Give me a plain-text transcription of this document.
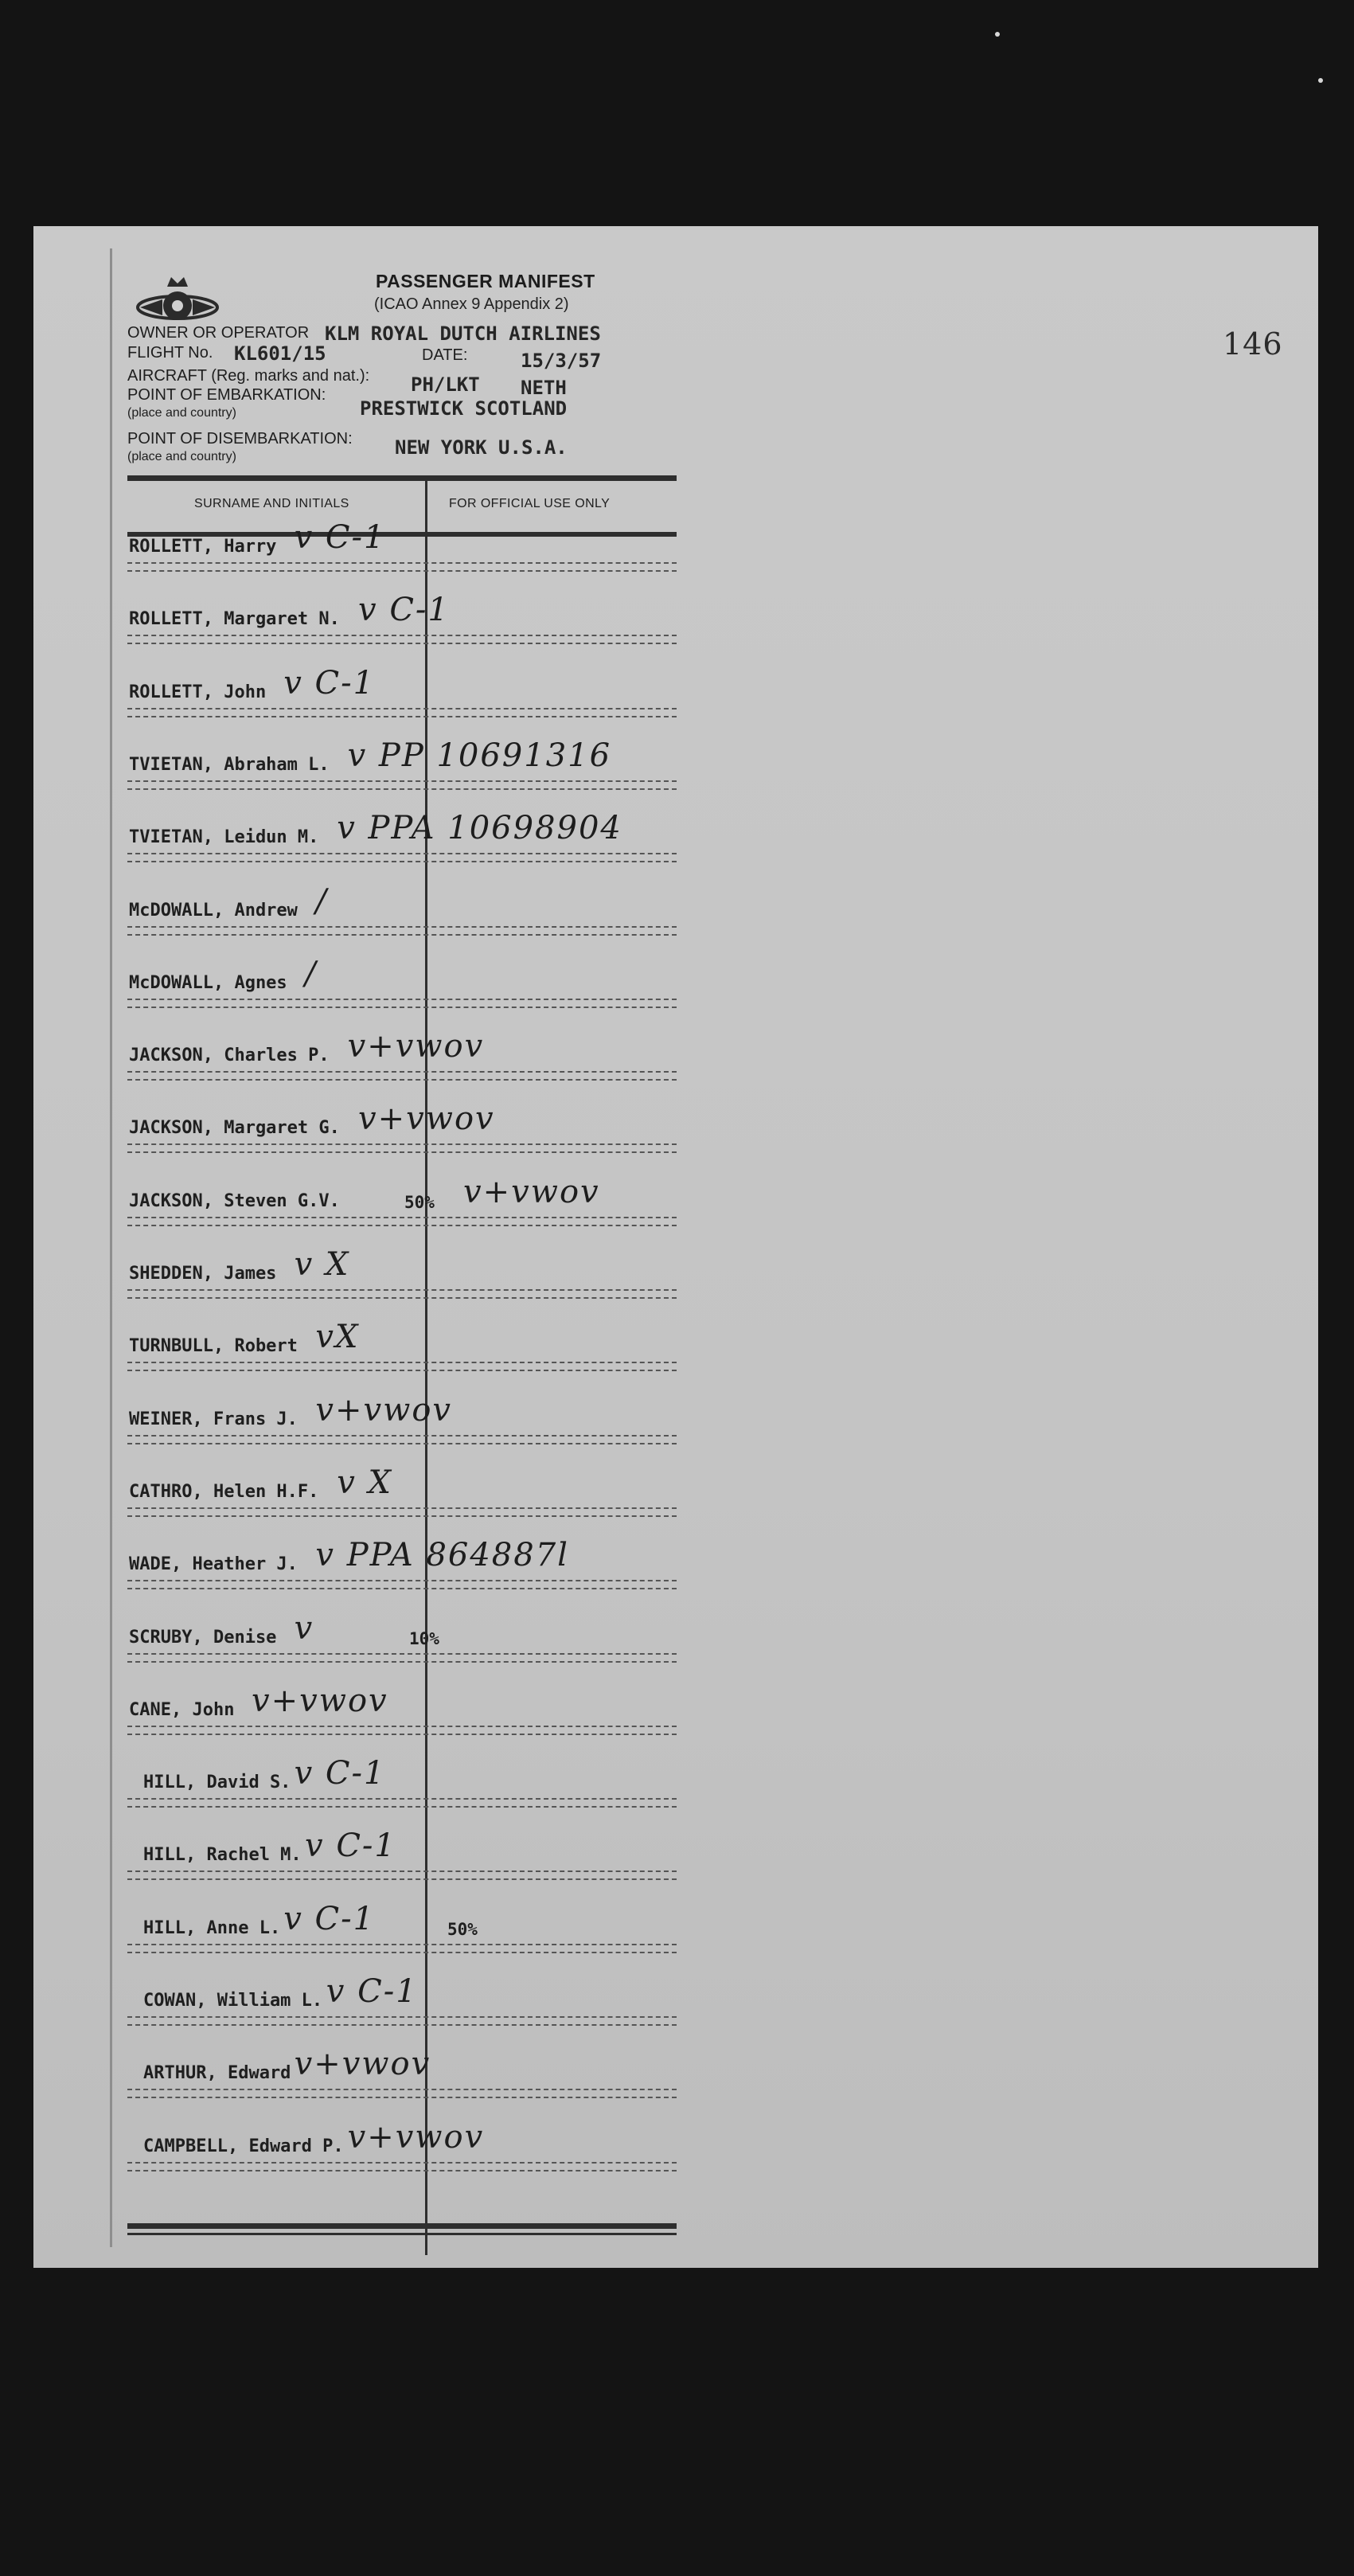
146
PASSENGER MANIFEST
(ICAO Annex 9 Appendix 2)
OWNER OR OPERATOR KLM ROYAL DUTCH AIRLINES
FLIGHT No. KL601/15	DATE:	15/3/57
AIRCRAFT (Reg. marks and nat.): PH/LKT NETH
POINT OF EMBARKATION:
(place and country)	PRESTWICK SCOTLAND
POINT OF DISEMBARKATION:
(place and country)	NEW YORK U.S.A.
SURNAME AND INITIALS	FOR OFFICIAL USE ONLY
ROLLETT, Harry v C-1
ROLLETT, Margaret N. v C-1
ROLLETT, John v C-1
TVIETAN, Abraham L. v PP 10691316
TVIETAN, Leidun M. v PPA 10698904
McDOWALL, Andrew /
McDOWALL, Agnes /
JACKSON, Charles P. v+vwov
JACKSON, Margaret G. v+vwov
JACKSON, Steven G.V.	v+vwov
50%
SHEDDEN, James v X
TURNBULL, Robert vX
WEINER, Frans J. v+vwov
CATHRO, Helen H.F. v X
WADE, Heather J. v PPA 864887l
SCRUBY, Denise v	10%
CANE, John v+vwov
HILL, David S. v C-1
HILL, Rachel M. v C-1
HILL, Anne L. v C-1	50%
COWAN, William L. v C-1
ARTHUR, Edward v+vwov
CAMPBELL, Edward P. v+vwov
